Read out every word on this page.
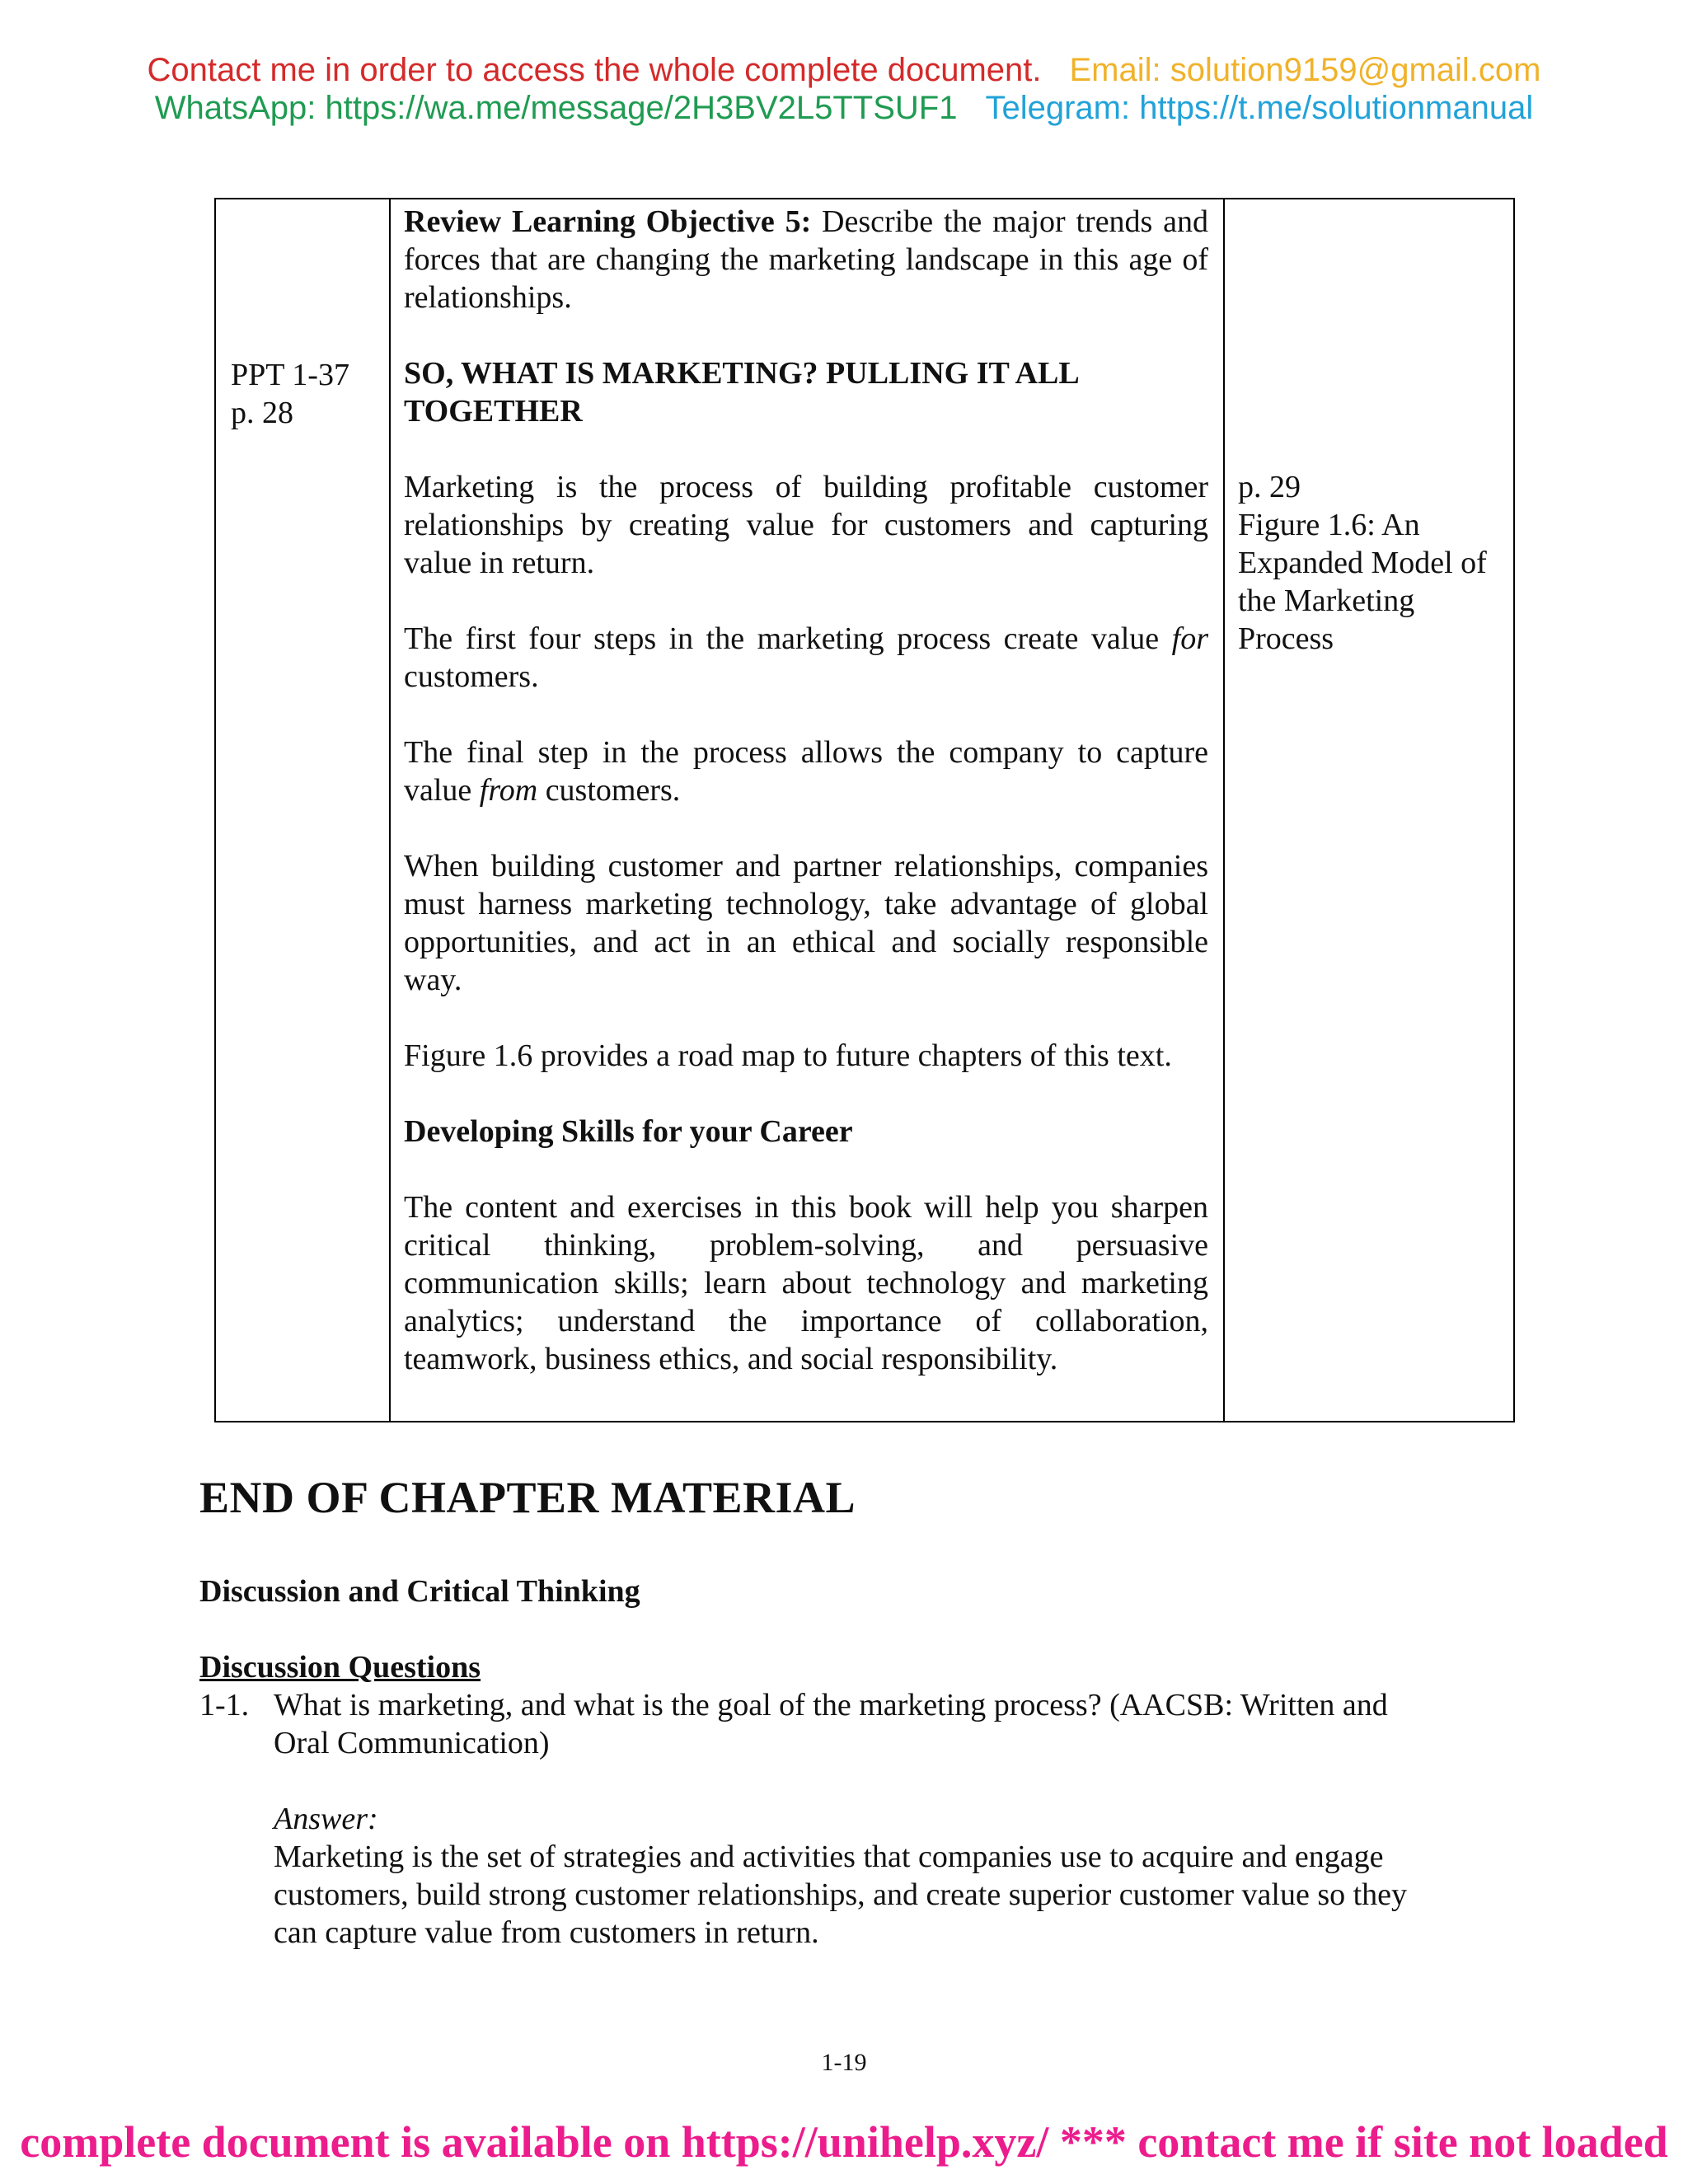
Contact me in order to access the whole complete document. Email: solution9159@gmail.com
WhatsApp: https://wa.me/message/2H3BV2L5TTSUF1 Telegram: https://t.me/solutionmanual
PPT 1-37
p. 28

Review Learning Objective 5: Describe the major trends and forces that are changing the marketing landscape in this age of relationships.

SO, WHAT IS MARKETING? PULLING IT ALL
TOGETHER

Marketing is the process of building profitable customer relationships by creating value for customers and capturing value in return.

The first four steps in the marketing process create value for customers.

The final step in the process allows the company to capture value from customers.

When building customer and partner relationships, companies must harness marketing technology, take advantage of global opportunities, and act in an ethical and socially responsible way.

Figure 1.6 provides a road map to future chapters of this text.

Developing Skills for your Career

The content and exercises in this book will help you sharpen critical thinking, problem-solving, and persuasive communication skills; learn about technology and marketing analytics; understand the importance of collaboration, teamwork, business ethics, and social responsibility.

p. 29
Figure 1.6: An
Expanded Model of
the Marketing
Process
END OF CHAPTER MATERIAL
Discussion and Critical Thinking
Discussion Questions
1-1. What is marketing, and what is the goal of the marketing process? (AACSB: Written and
Oral Communication)
Answer:
Marketing is the set of strategies and activities that companies use to acquire and engage
customers, build strong customer relationships, and create superior customer value so they
can capture value from customers in return.
1-19
complete document is available on https://unihelp.xyz/ *** contact me if site not loaded
